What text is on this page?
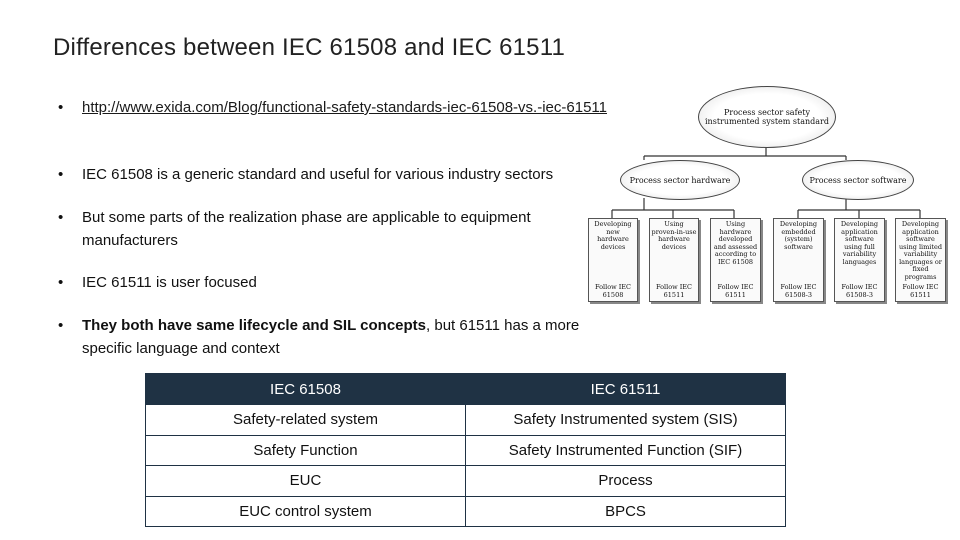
Differences between IEC 61508 and IEC 61511
•	http://www.exida.com/Blog/functional-safety-standards-iec-61508-vs.-iec-61511
•	IEC 61508 is a generic standard and useful for various industry sectors
•	But some parts of the realization phase are applicable to equipment manufacturers
•	IEC 61511 is user focused
•	They both have same lifecycle and SIL concepts, but 61511 has a more specific language and context
Process sector safety instrumented system standard
Process sector hardware	Process sector software
Developing new hardware devices
Follow IEC 61508
Using proven-in-use hardware devices
Follow IEC 61511
Using hardware developed and assessed according to IEC 61508
Follow IEC 61511
Developing embedded (system) software
Follow IEC 61508-3
Developing application software using full variability languages
Follow IEC 61508-3
Developing application software using limited variability languages or fixed programs
Follow IEC 61511
IEC 61508	IEC 61511
Safety-related system	Safety Instrumented system (SIS)
Safety Function	Safety Instrumented Function (SIF)
EUC	Process
EUC control system	BPCS
